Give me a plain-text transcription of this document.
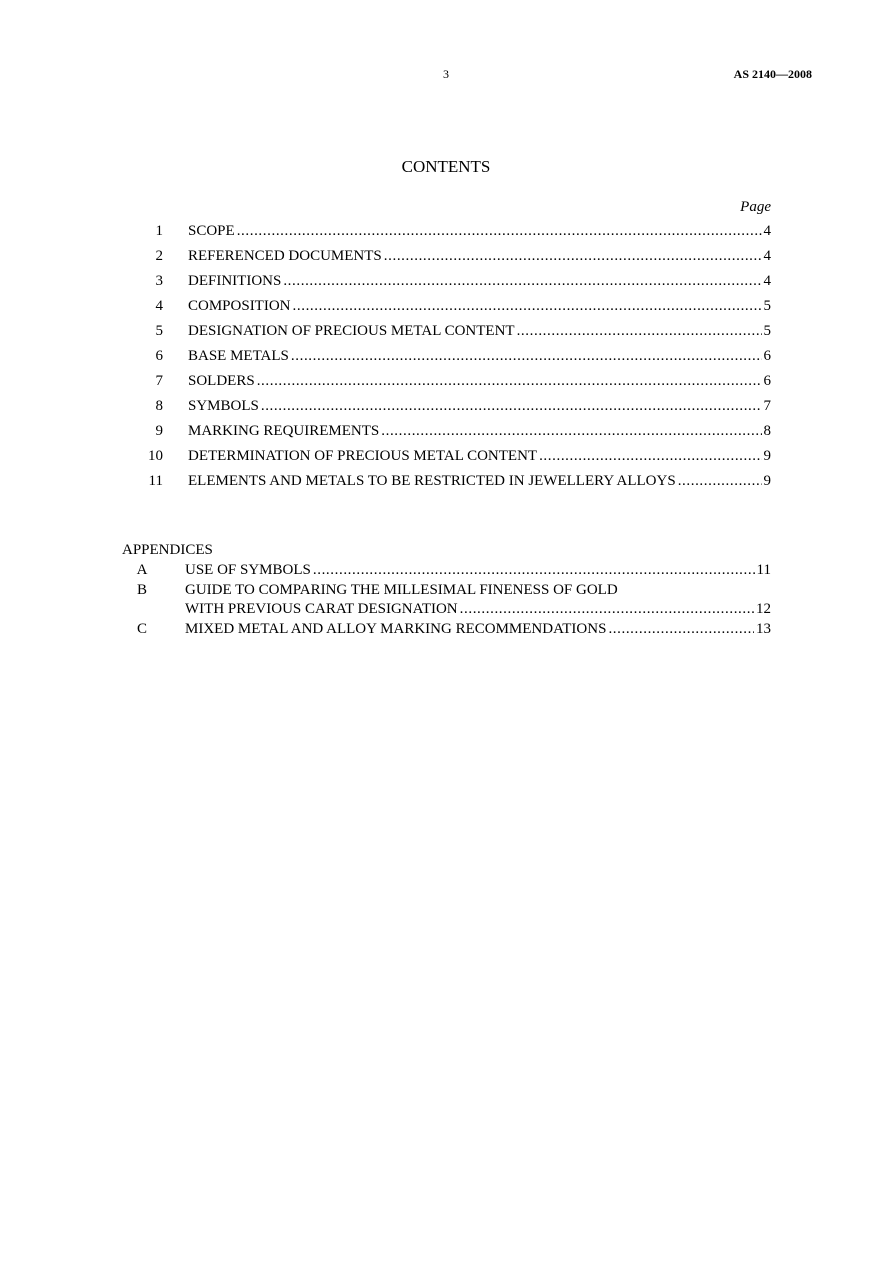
3	AS 2140—2008
CONTENTS
Page
1	SCOPE .....	4
2	REFERENCED DOCUMENTS .....	4
3	DEFINITIONS .....	4
4	COMPOSITION .....	5
5	DESIGNATION OF PRECIOUS METAL CONTENT .....	5
6	BASE METALS .....	6
7	SOLDERS .....	6
8	SYMBOLS .....	7
9	MARKING REQUIREMENTS .....	8
10	DETERMINATION OF PRECIOUS METAL CONTENT .....	9
11	ELEMENTS AND METALS TO BE RESTRICTED IN JEWELLERY ALLOYS .....	9
APPENDICES
A	USE OF SYMBOLS .....	11
B	GUIDE TO COMPARING THE MILLESIMAL FINENESS OF GOLD
WITH PREVIOUS CARAT DESIGNATION .....	12
C	MIXED METAL AND ALLOY MARKING RECOMMENDATIONS .....	13
